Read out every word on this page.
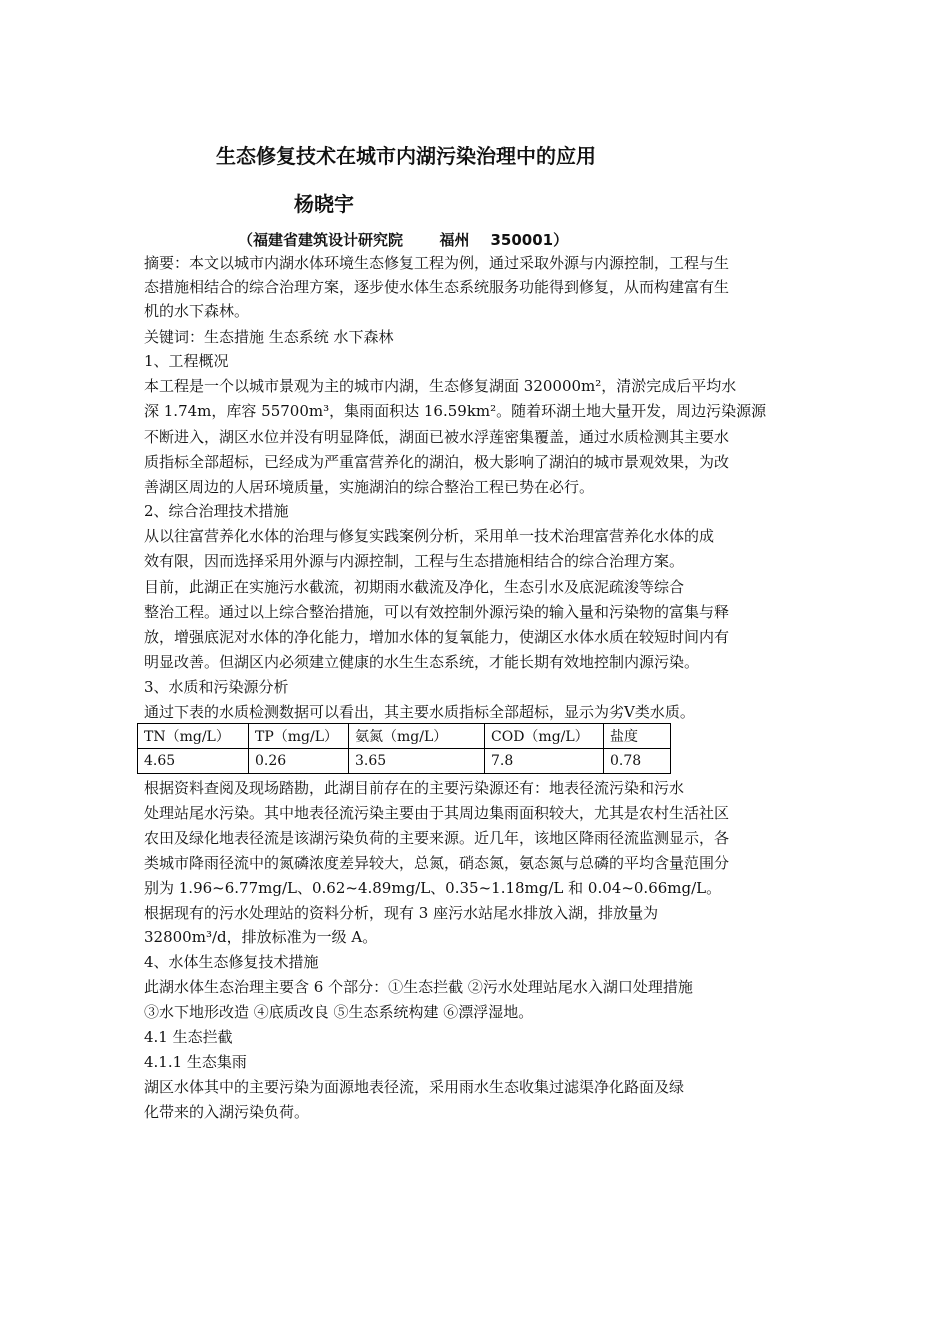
生态修复技术在城市内湖污染治理中的应用
杨晓宇

（福建省建筑设计研究院       福州    350001）

摘要：本文以城市内湖水体环境生态修复工程为例，通过采取外源与内源控制，工程与生

态措施相结合的综合治理方案，逐步使水体生态系统服务功能得到修复，从而构建富有生

机的水下森林。

关键词：生态措施 生态系统 水下森林

1、工程概况

本工程是一个以城市景观为主的城市内湖，生态修复湖面 320000m²，清淤完成后平均水

深 1.74m，库容 55700m³，集雨面积达 16.59km²。随着环湖土地大量开发，周边污染源源

不断进入，湖区水位并没有明显降低，湖面已被水浮莲密集覆盖，通过水质检测其主要水

质指标全部超标，已经成为严重富营养化的湖泊，极大影响了湖泊的城市景观效果，为改

善湖区周边的人居环境质量，实施湖泊的综合整治工程已势在必行。

2、综合治理技术措施

从以往富营养化水体的治理与修复实践案例分析，采用单一技术治理富营养化水体的成

效有限，因而选择采用外源与内源控制，工程与生态措施相结合的综合治理方案。

目前，此湖正在实施污水截流，初期雨水截流及净化，生态引水及底泥疏浚等综合

整治工程。通过以上综合整治措施，可以有效控制外源污染的输入量和污染物的富集与释

放，增强底泥对水体的净化能力，增加水体的复氧能力，使湖区水体水质在较短时间内有

明显改善。但湖区内必须建立健康的水生生态系统，才能长期有效地控制内源污染。

3、水质和污染源分析

通过下表的水质检测数据可以看出，其主要水质指标全部超标，显示为劣Ⅴ类水质。

TN（mg/L）	TP（mg/L）	氨氮（mg/L）	COD（mg/L）	盐度
4.65	0.26	3.65	7.8	0.78

根据资料查阅及现场踏勘，此湖目前存在的主要污染源还有：地表径流污染和污水

处理站尾水污染。其中地表径流污染主要由于其周边集雨面积较大，尤其是农村生活社区

农田及绿化地表径流是该湖污染负荷的主要来源。近几年，该地区降雨径流监测显示，各

类城市降雨径流中的氮磷浓度差异较大，总氮，硝态氮，氨态氮与总磷的平均含量范围分

别为 1.96~6.77mg/L、0.62~4.89mg/L、0.35~1.18mg/L 和 0.04~0.66mg/L。

根据现有的污水处理站的资料分析，现有 3 座污水站尾水排放入湖，排放量为

32800m³/d，排放标准为一级 A。

4、水体生态修复技术措施

此湖水体生态治理主要含 6 个部分：①生态拦截 ②污水处理站尾水入湖口处理措施

③水下地形改造 ④底质改良 ⑤生态系统构建 ⑥漂浮湿地。

4.1 生态拦截

4.1.1 生态集雨

湖区水体其中的主要污染为面源地表径流，采用雨水生态收集过滤渠净化路面及绿

化带来的入湖污染负荷。
